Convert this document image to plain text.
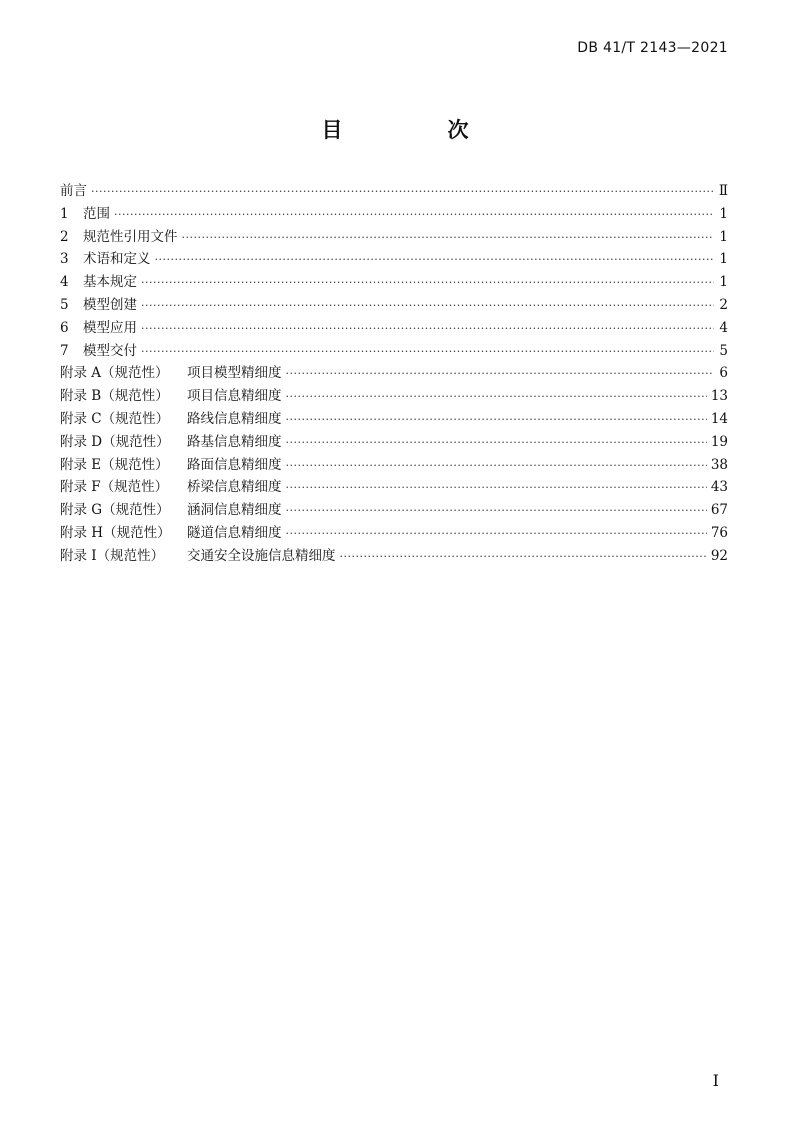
DB 41/T 2143—2021
目　次
前言 ·····	Ⅱ
1	范围 ·····	1
2	规范性引用文件 ·····	1
3	术语和定义 ·····	1
4	基本规定 ·····	1
5	模型创建 ·····	2
6	模型应用 ·····	4
7	模型交付 ·····	5
附录 A（规范性）	项目模型精细度 ·····	6
附录 B（规范性）	项目信息精细度 ·····	13
附录 C（规范性）	路线信息精细度 ·····	14
附录 D（规范性）	路基信息精细度 ·····	19
附录 E（规范性）	路面信息精细度 ·····	38
附录 F（规范性）	桥梁信息精细度 ·····	43
附录 G（规范性）	涵洞信息精细度 ·····	67
附录 H（规范性）	隧道信息精细度 ·····	76
附录 I（规范性）	交通安全设施信息精细度 ·····	92
I
